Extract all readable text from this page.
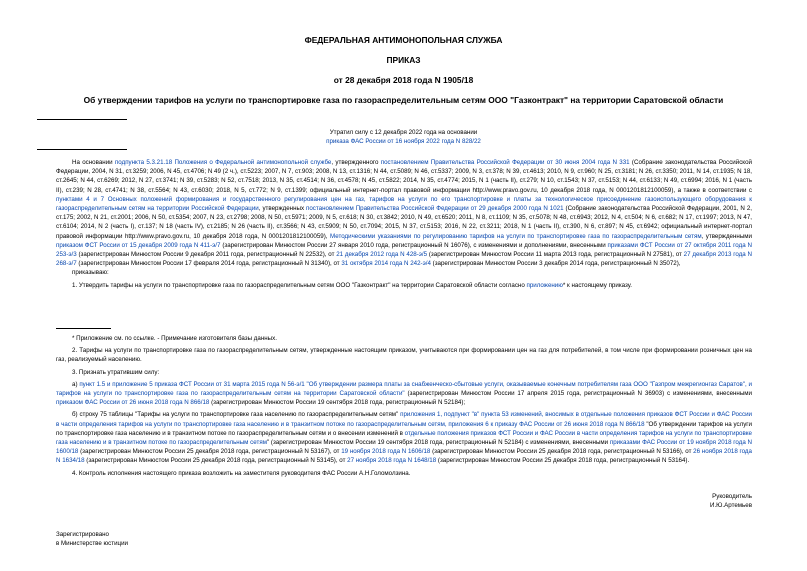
ФЕДЕРАЛЬНАЯ АНТИМОНОПОЛЬНАЯ СЛУЖБА
ПРИКАЗ
от 28 декабря 2018 года N 1905/18
Об утверждении тарифов на услуги по транспортировке газа по газораспределительным сетям ООО "Газконтракт" на территории Саратовской области
Утратил силу с 12 декабря 2022 года на основании
приказа ФАС России от 16 ноября 2022 года N 828/22

На основании подпункта 5.3.21.18 Положения о Федеральной антимонопольной службе, утвержденного постановлением Правительства Российской Федерации от 30 июня 2004 года N 331 (Собрание законодательства Российской Федерации, 2004, N 31, ст.3259; 2006, N 45, ст.4706; N 49 (2 ч.), ст.5223; 2007, N 7, ст.903; 2008, N 13, ст.1316; N 44, ст.5089; N 46, ст.5337; 2009, N 3, ст.378; N 39, ст.4613; 2010, N 9, ст.960; N 25, ст.3181; N 26, ст.3350; 2011, N 14, ст.1935; N 18, ст.2645; N 44, ст.6269; 2012, N 27, ст.3741; N 39, ст.5283; N 52, ст.7518; 2013, N 35, ст.4514; N 36, ст.4578; N 45, ст.5822; 2014, N 35, ст.4774; 2015, N 1 (часть II), ст.279; N 10, ст.1543; N 37, ст.5153; N 44, ст.6133; N 49, ст.6994; 2016, N 1 (часть II), ст.239; N 28, ст.4741; N 38, ст.5564; N 43, ст.6030; 2018, N 5, ст.772; N 9, ст.1399; официальный интернет-портал правовой информации http://www.pravo.gov.ru, 10 декабря 2018 года, N 0001201812100059), а также в соответствии с пунктами 4 и 7 Основных положений формирования и государственного регулирования цен на газ, тарифов на услуги по его транспортировке и платы за технологическое присоединение газоиспользующего оборудования к газораспределительным сетям на территории Российской Федерации, утвержденных постановлением Правительства Российской Федерации от 29 декабря 2000 года N 1021 (Собрание законодательства Российской Федерации, 2001, N 2, ст.175; 2002, N 21, ст.2001; 2006, N 50, ст.5354; 2007, N 23, ст.2798; 2008, N 50, ст.5971; 2009, N 5, ст.618; N 30, ст.3842; 2010, N 49, ст.6520; 2011, N 8, ст.1109; N 35, ст.5078; N 48, ст.6943; 2012, N 4, ст.504; N 6, ст.682; N 17, ст.1997; 2013, N 47, ст.6104; 2014, N 2 (часть I), ст.137; N 18 (часть IV), ст.2185; N 26 (часть II), ст.3566; N 43, ст.5909; N 50, ст.7094; 2015, N 37, ст.5153; 2016, N 22, ст.3211; 2018, N 1 (часть II), ст.390, N 6, ст.897; N 45, ст.6942; официальный интернет-портал правовой информации http://www.pravo.gov.ru, 10 декабря 2018 года, N 0001201812100059), Методическими указаниями по регулированию тарифов на услуги по транспортировке газа по газораспределительным сетям, утвержденными приказом ФСТ России от 15 декабря 2009 года N 411-э/7 (зарегистрирован Минюстом России 27 января 2010 года, регистрационный N 16076), с изменениями и дополнениями, внесенными приказами ФСТ России от 27 октября 2011 года N 253-э/3 (зарегистрирован Минюстом России 9 декабря 2011 года, регистрационный N 22532), от 21 декабря 2012 года N 428-э/5 (зарегистрирован Минюстом России 11 марта 2013 года, регистрационный N 27581), от 27 декабря 2013 года N 268-э/7 (зарегистрирован Минюстом России 17 февраля 2014 года, регистрационный N 31340), от 31 октября 2014 года N 242-э/4 (зарегистрирован Минюстом России 3 декабря 2014 года, регистрационный N 35072),

приказываю:

1. Утвердить тарифы на услуги по транспортировке газа по газораспределительным сетям ООО "Газконтракт" на территории Саратовской области согласно приложению* к настоящему приказу.

* Приложение см. по ссылке. - Примечание изготовителя базы данных.

2. Тарифы на услуги по транспортировке газа по газораспределительным сетям, утвержденные настоящим приказом, учитываются при формировании цен на газ для потребителей, в том числе при формировании розничных цен на газ, реализуемый населению.

3. Признать утратившим силу:

а) пункт 1.5 и приложение 5 приказа ФСТ России от 31 марта 2015 года N 56-э/1 "Об утверждении размера платы за снабженческо-сбытовые услуги, оказываемые конечным потребителям газа ООО "Газпром межрегионгаз Саратов", и тарифов на услуги по транспортировке газа по газораспределительным сетям на территории Саратовской области" (зарегистрирован Минюстом России 17 апреля 2015 года, регистрационный N 36903) с изменениями, внесенными приказом ФАС России от 26 июня 2018 года N 866/18 (зарегистрирован Минюстом России 19 сентября 2018 года, регистрационный N 52184);

б) строку 75 таблицы "Тарифы на услуги по транспортировке газа населению по газораспределительным сетям" приложения 1, подпункт "в" пункта 53 изменений, вносимых в отдельные положения приказов ФСТ России и ФАС России в части определения тарифов на услуги по транспортировке газа населению и в транзитном потоке по газораспределительным сетям, приложения 6 к приказу ФАС России от 26 июня 2018 года N 866/18 "Об утверждении тарифов на услуги по транспортировке газа населению и в транзитном потоке по газораспределительным сетям и о внесении изменений в отдельные положения приказов ФСТ России и ФАС России в части определения тарифов на услуги по транспортировке газа населению и в транзитном потоке по газораспределительным сетям" (зарегистрирован Минюстом России 19 сентября 2018 года, регистрационный N 52184) с изменениями, внесенными приказами ФАС России от 19 ноября 2018 года N 1600/18 (зарегистрирован Минюстом России 25 декабря 2018 года, регистрационный N 53167), от 19 ноября 2018 года N 1606/18 (зарегистрирован Минюстом России 25 декабря 2018 года, регистрационный N 53166), от 26 ноября 2018 года N 1634/18 (зарегистрирован Минюстом России 25 декабря 2018 года, регистрационный N 53145), от 27 ноября 2018 года N 1648/18 (зарегистрирован Минюстом России 25 декабря 2018 года, регистрационный N 53164).

4. Контроль исполнения настоящего приказа возложить на заместителя руководителя ФАС России А.Н.Голомолзина.

Руководитель
И.Ю.Артемьев
Зарегистрировано
в Министерстве юстиции
